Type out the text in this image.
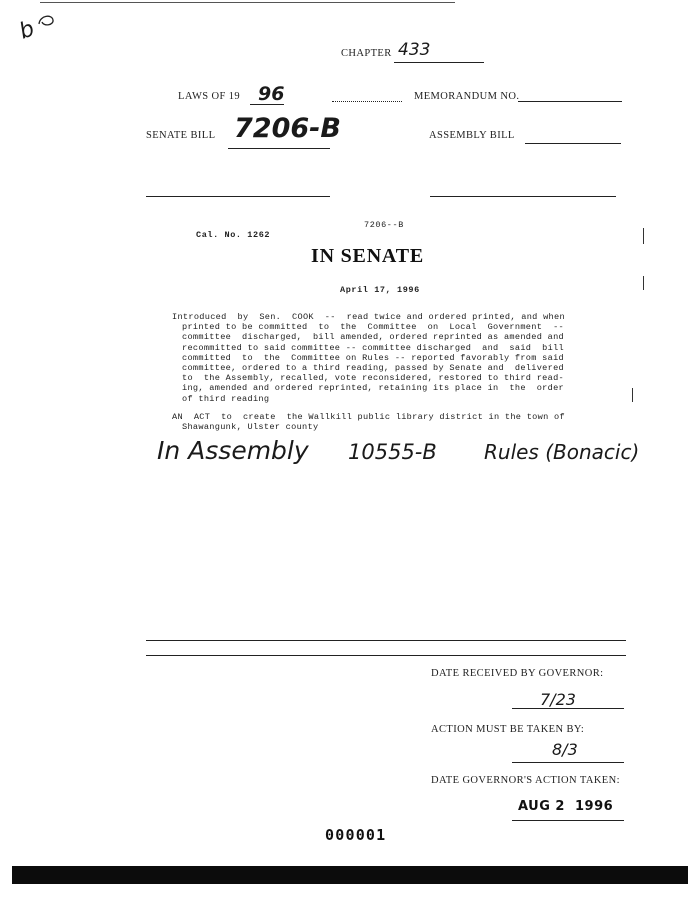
b
CHAPTER 433
LAWS OF 19 96	MEMORANDUM NO.
SENATE BILL 7206-B	ASSEMBLY BILL
7206--B
Cal. No. 1262
IN SENATE
April 17, 1996
Introduced  by  Sen.  COOK  --  read twice and ordered printed, and when
printed to be committed  to  the  Committee  on  Local  Government  --
committee  discharged,  bill amended, ordered reprinted as amended and
recommitted to said committee -- committee discharged  and  said  bill
committed  to  the  Committee on Rules -- reported favorably from said
committee, ordered to a third reading, passed by Senate and  delivered
to  the Assembly, recalled, vote reconsidered, restored to third read-
ing, amended and ordered reprinted, retaining its place in  the  order
of third reading
AN  ACT  to  create  the Wallkill public library district in the town of
Shawangunk, Ulster county
In Assembly 10555-B Rules (Bonacic)
DATE RECEIVED BY GOVERNOR:
7/23
ACTION MUST BE TAKEN BY:
8/3
DATE GOVERNOR'S ACTION TAKEN:
AUG 2  1996
000001
